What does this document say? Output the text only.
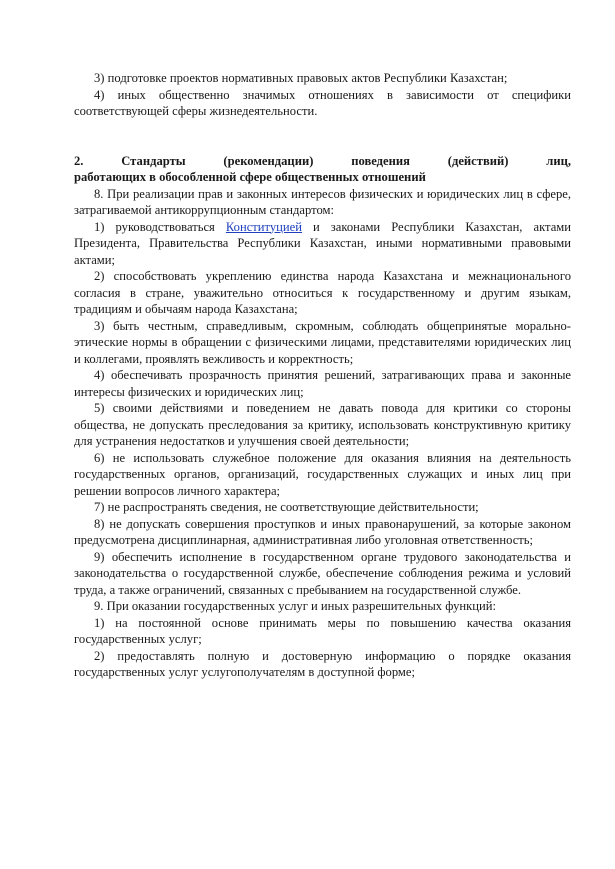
3) подготовке проектов нормативных правовых актов Республики Казахстан;

4) иных общественно значимых отношениях в зависимости от специфики соответствующей сферы жизнедеятельности.

2. Стандарты (рекомендации) поведения (действий) лиц,
работающих в обособленной сфере общественных отношений

8. При реализации прав и законных интересов физических и юридических лиц в сфере, затрагиваемой антикоррупционным стандартом:

1) руководствоваться Конституцией и законами Республики Казахстан, актами Президента, Правительства Республики Казахстан, иными нормативными правовыми актами;

2) способствовать укреплению единства народа Казахстана и межнационального согласия в стране, уважительно относиться к государственному и другим языкам, традициям и обычаям народа Казахстана;

3) быть честным, справедливым, скромным, соблюдать общепринятые морально-этические нормы в обращении с физическими лицами, представителями юридических лиц и коллегами, проявлять вежливость и корректность;

4) обеспечивать прозрачность принятия решений, затрагивающих права и законные интересы физических и юридических лиц;

5) своими действиями и поведением не давать повода для критики со стороны общества, не допускать преследования за критику, использовать конструктивную критику для устранения недостатков и улучшения своей деятельности;

6) не использовать служебное положение для оказания влияния на деятельность государственных органов, организаций, государственных служащих и иных лиц при решении вопросов личного характера;

7) не распространять сведения, не соответствующие действительности;

8) не допускать совершения проступков и иных правонарушений, за которые законом предусмотрена дисциплинарная, административная либо уголовная ответственность;

9) обеспечить исполнение в государственном органе трудового законодательства и законодательства о государственной службе, обеспечение соблюдения режима и условий труда, а также ограничений, связанных с пребыванием на государственной службе.

9. При оказании государственных услуг и иных разрешительных функций:

1) на постоянной основе принимать меры по повышению качества оказания государственных услуг;

2) предоставлять полную и достоверную информацию о порядке оказания государственных услуг услугополучателям в доступной форме;
